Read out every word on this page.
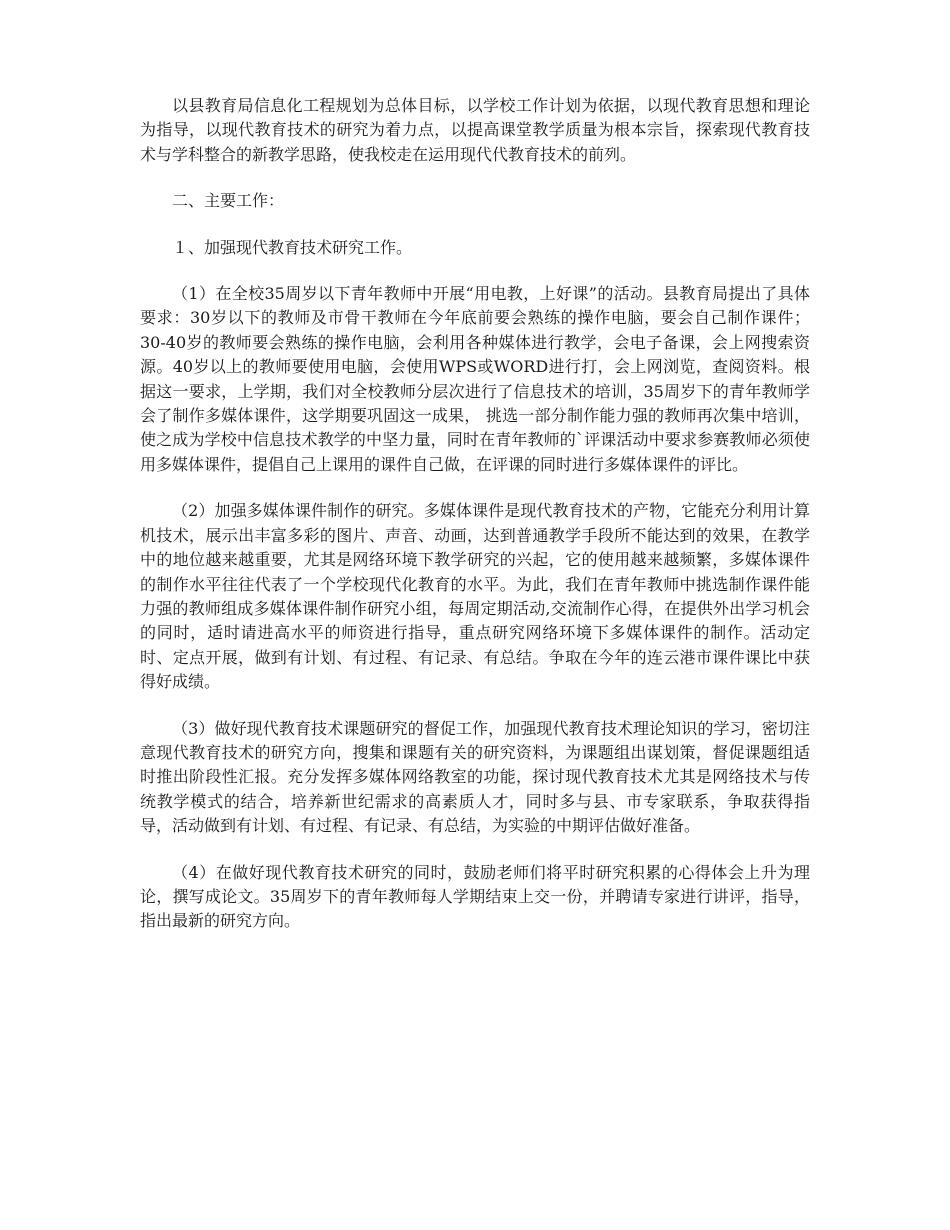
以县教育局信息化工程规划为总体目标，以学校工作计划为依据，以现代教育思想和理论为指导，以现代教育技术的研究为着力点，以提高课堂教学质量为根本宗旨，探索现代教育技术与学科整合的新教学思路，使我校走在运用现代代教育技术的前列。

二、主要工作：

１、加强现代教育技术研究工作。

（1）在全校35周岁以下青年教师中开展“用电教，上好课”的活动。县教育局提出了具体要求：30岁以下的教师及市骨干教师在今年底前要会熟练的操作电脑，要会自己制作课件；30-40岁的教师要会熟练的操作电脑，会利用各种媒体进行教学，会电子备课，会上网搜索资源。40岁以上的教师要使用电脑，会使用WPS或WORD进行打，会上网浏览，查阅资料。根据这一要求，上学期，我们对全校教师分层次进行了信息技术的培训，35周岁下的青年教师学会了制作多媒体课件，这学期要巩固这一成果， 挑选一部分制作能力强的教师再次集中培训，使之成为学校中信息技术教学的中坚力量，同时在青年教师的`评课活动中要求参赛教师必须使用多媒体课件，提倡自己上课用的课件自己做，在评课的同时进行多媒体课件的评比。

（2）加强多媒体课件制作的研究。多媒体课件是现代教育技术的产物，它能充分利用计算机技术，展示出丰富多彩的图片、声音、动画，达到普通教学手段所不能达到的效果，在教学中的地位越来越重要，尤其是网络环境下教学研究的兴起，它的使用越来越频繁，多媒体课件的制作水平往往代表了一个学校现代化教育的水平。为此，我们在青年教师中挑选制作课件能力强的教师组成多媒体课件制作研究小组，每周定期活动,交流制作心得，在提供外出学习机会的同时，适时请进高水平的师资进行指导，重点研究网络环境下多媒体课件的制作。活动定时、定点开展，做到有计划、有过程、有记录、有总结。争取在今年的连云港市课件课比中获得好成绩。

（3）做好现代教育技术课题研究的督促工作，加强现代教育技术理论知识的学习，密切注意现代教育技术的研究方向，搜集和课题有关的研究资料，为课题组出谋划策，督促课题组适时推出阶段性汇报。充分发挥多媒体网络教室的功能，探讨现代教育技术尤其是网络技术与传统教学模式的结合，培养新世纪需求的高素质人才，同时多与县、市专家联系，争取获得指导，活动做到有计划、有过程、有记录、有总结，为实验的中期评估做好准备。

（4）在做好现代教育技术研究的同时，鼓励老师们将平时研究积累的心得体会上升为理论，撰写成论文。35周岁下的青年教师每人学期结束上交一份，并聘请专家进行讲评，指导，指出最新的研究方向。
